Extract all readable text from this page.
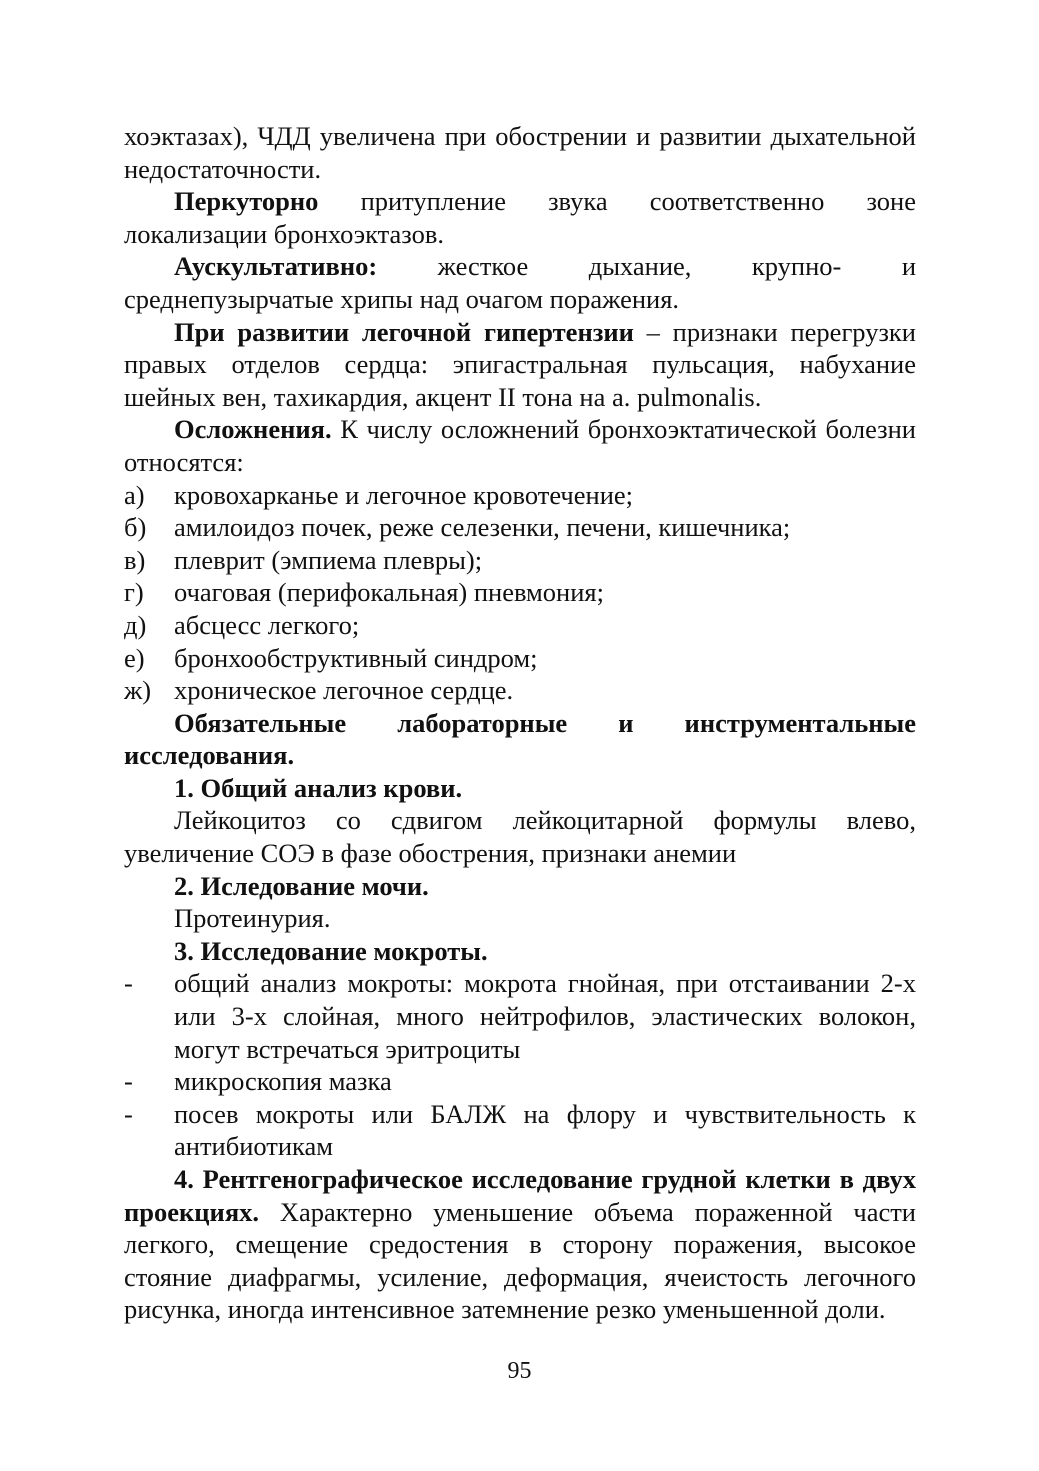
хоэктазах), ЧДД увеличена при обострении и развитии дыхательной недостаточности.

Перкуторно притупление звука соответственно зоне локализации бронхоэктазов.

Аускультативно: жесткое дыхание, крупно- и среднепузырчатые хрипы над очагом поражения.

При развитии легочной гипертензии – признаки перегрузки правых отделов сердца: эпигастральная пульсация, набухание шейных вен, тахикардия, акцент II тона на a. pulmonalis.

Осложнения. К числу осложнений бронхоэктатической болезни относятся:

а)	кровохарканье и легочное кровотечение;
б)	амилоидоз почек, реже селезенки, печени, кишечника;
в)	плеврит (эмпиема плевры);
г)	очаговая (перифокальная) пневмония;
д)	абсцесс легкого;
е)	бронхообструктивный синдром;
ж) хроническое легочное сердце.

Обязательные лабораторные и инструментальные исследования.

1. Общий анализ крови.

Лейкоцитоз со сдвигом лейкоцитарной формулы влево, увеличение СОЭ в фазе обострения, признаки анемии

2. Иследование мочи.

Протеинурия.

3. Исследование мокроты.

-	общий анализ мокроты: мокрота гнойная, при отстаивании 2-х или 3-х слойная, много нейтрофилов, эластических волокон, могут встречаться эритроциты
-	микроскопия мазка
-	посев мокроты или БАЛЖ на флору и чувствительность к антибиотикам

4. Рентгенографическое исследование грудной клетки в двух проекциях. Характерно уменьшение объема пораженной части легкого, смещение средостения в сторону поражения, высокое стояние диафрагмы, усиление, деформация, ячеистость легочного рисунка, иногда интенсивное затемнение резко уменьшенной доли.

95
